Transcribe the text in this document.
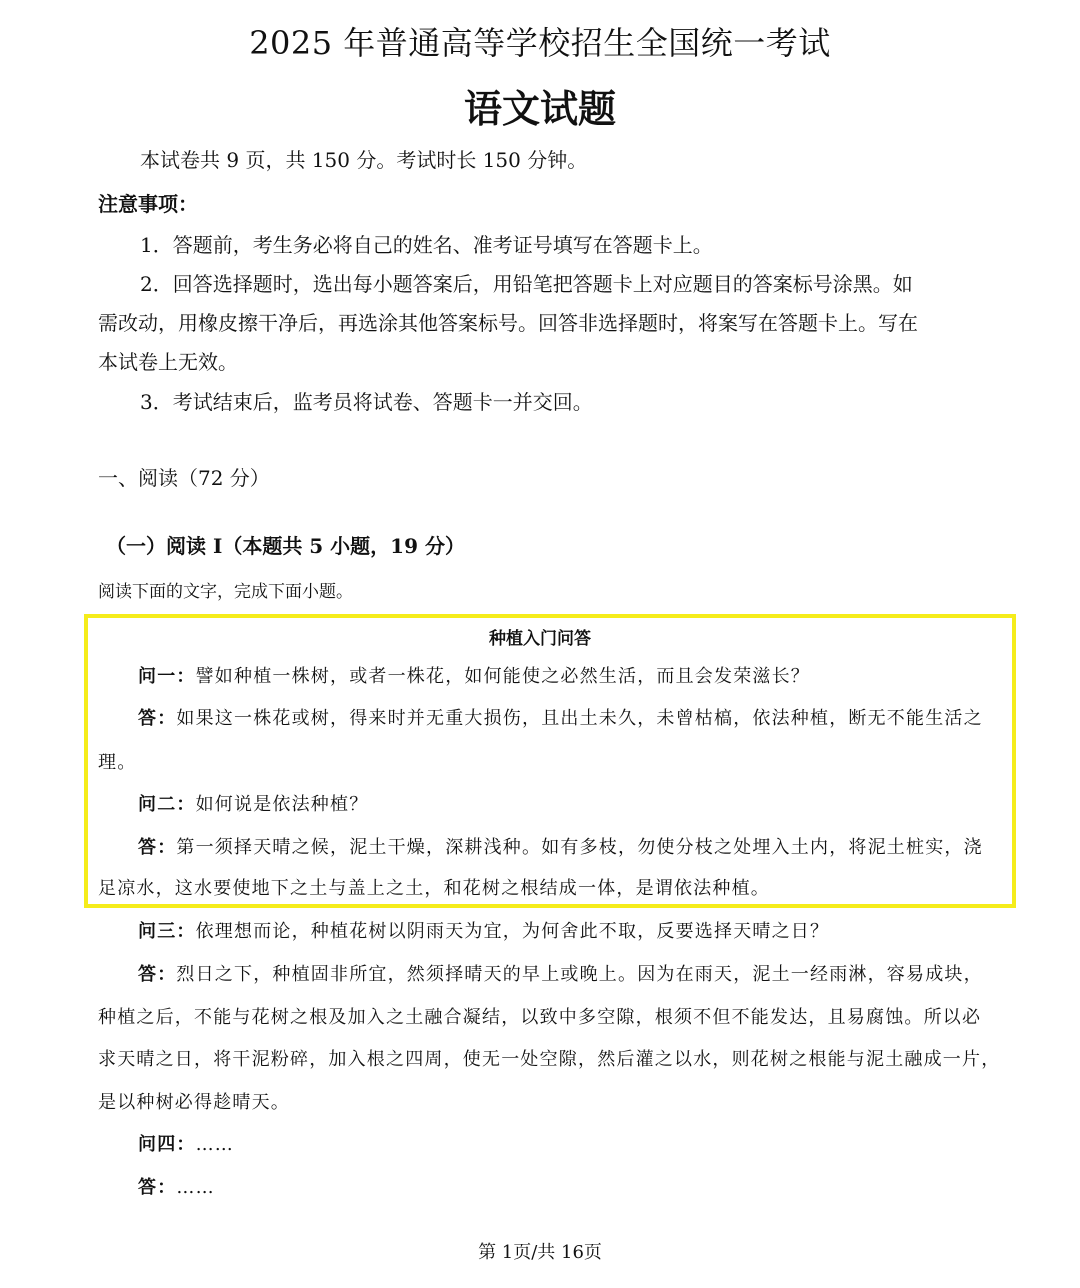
2025 年普通高等学校招生全国统一考试
语文试题
本试卷共 9 页，共 150 分。考试时长 150 分钟。
注意事项：
1．答题前，考生务必将自己的姓名、准考证号填写在答题卡上。
2．回答选择题时，选出每小题答案后，用铅笔把答题卡上对应题目的答案标号涂黑。如
需改动，用橡皮擦干净后，再选涂其他答案标号。回答非选择题时，将案写在答题卡上。写在
本试卷上无效。
3．考试结束后，监考员将试卷、答题卡一并交回。
一、阅读（72 分）
（一）阅读 Ⅰ（本题共 5 小题，19 分）
阅读下面的文字，完成下面小题。
种植入门问答
问一：譬如种植一株树，或者一株花，如何能使之必然生活，而且会发荣滋长？
答：如果这一株花或树，得来时并无重大损伤，且出土未久，未曾枯槁，依法种植，断无不能生活之
理。
问二：如何说是依法种植？
答：第一须择天晴之候，泥土干燥，深耕浅种。如有多枝，勿使分枝之处埋入土内，将泥土桩实，浇
足凉水，这水要使地下之土与盖上之土，和花树之根结成一体，是谓依法种植。
问三：依理想而论，种植花树以阴雨天为宜，为何舍此不取，反要选择天晴之日？
答：烈日之下，种植固非所宜，然须择晴天的早上或晚上。因为在雨天，泥土一经雨淋，容易成块，
种植之后，不能与花树之根及加入之土融合凝结，以致中多空隙，根须不但不能发达，且易腐蚀。所以必
求天晴之日，将干泥粉碎，加入根之四周，使无一处空隙，然后灌之以水，则花树之根能与泥土融成一片，
是以种树必得趁晴天。
问四：……
答：……
第 1页/共 16页
